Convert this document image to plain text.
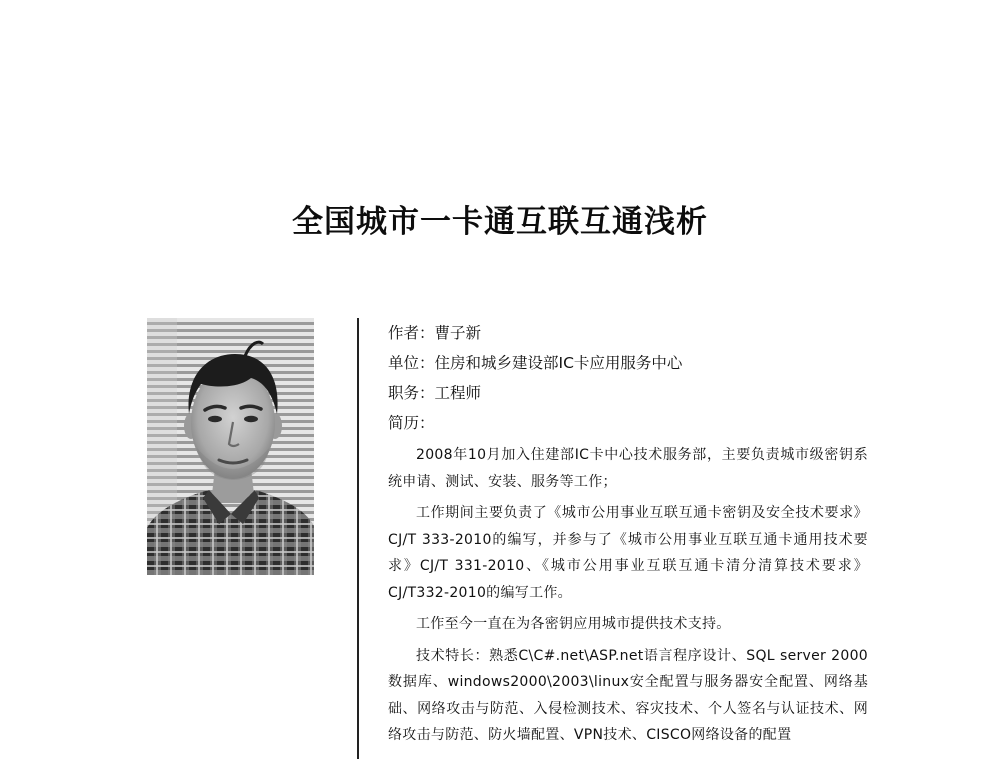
全国城市一卡通互联互通浅析
作者：曹子新
单位：住房和城乡建设部IC卡应用服务中心
职务：工程师
简历：

2008年10月加入住建部IC卡中心技术服务部，主要负责城市级密钥系统申请、测试、安装、服务等工作；

工作期间主要负责了《城市公用事业互联互通卡密钥及安全技术要求》CJ/T 333-2010的编写，并参与了《城市公用事业互联互通卡通用技术要求》CJ/T 331-2010、《城市公用事业互联互通卡清分清算技术要求》CJ/T332-2010的编写工作。

工作至今一直在为各密钥应用城市提供技术支持。

技术特长：熟悉C\C#.net\ASP.net语言程序设计、SQL server 2000数据库、windows2000\2003\linux安全配置与服务器安全配置、网络基础、网络攻击与防范、入侵检测技术、容灾技术、个人签名与认证技术、网络攻击与防范、防火墙配置、VPN技术、CISCO网络设备的配置
